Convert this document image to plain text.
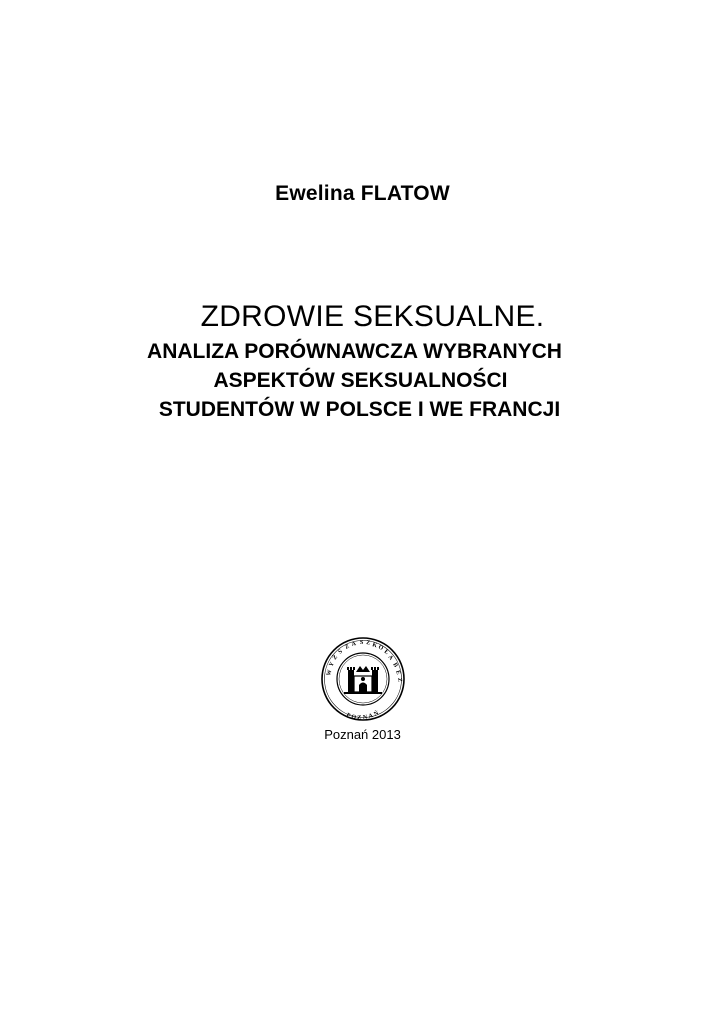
Ewelina FLATOW
ZDROWIE SEKSUALNE.
ANALIZA PORÓWNAWCZA WYBRANYCH
ASPEKTÓW SEKSUALNOŚCI
STUDENTÓW W POLSCE I WE FRANCJI
W
Y
Ż
S
Z A S Z K O
Ł
A
B
E
Z
P O Z N A Ń
Poznań 2013
